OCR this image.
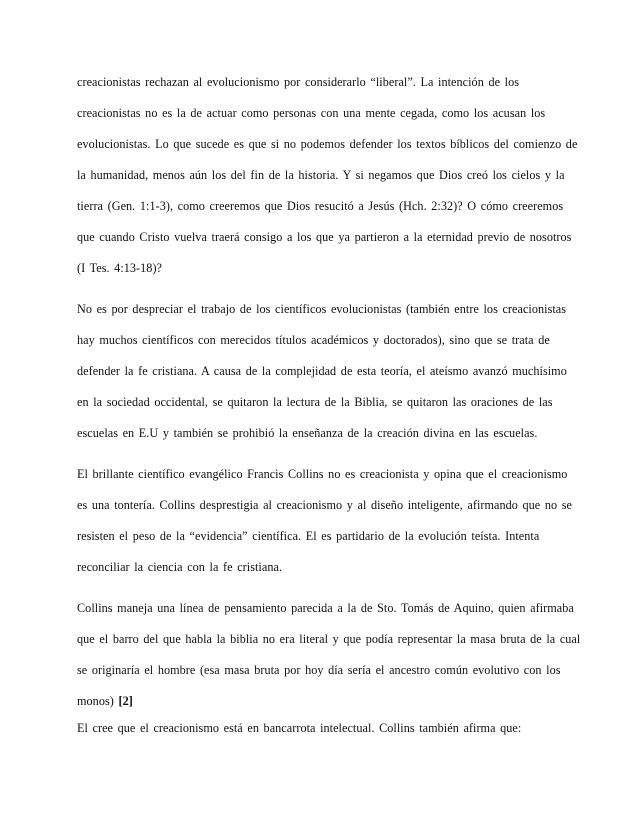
creacionistas rechazan al evolucionismo por considerarlo “liberal”. La intención de los
creacionistas no es la de actuar como personas con una mente cegada, como los acusan los
evolucionistas. Lo que sucede es que si no podemos defender los textos bíblicos del comienzo de
la humanidad, menos aún los del fin de la historia. Y si negamos que Dios creó los cielos y la
tierra (Gen. 1:1-3), como creeremos que Dios resucitó a Jesús (Hch. 2:32)? O cómo creeremos
que cuando Cristo vuelva traerá consigo a los que ya partieron a la eternidad previo de nosotros
(I Tes. 4:13-18)?
No es por despreciar el trabajo de los científicos evolucionistas (también entre los creacionistas
hay muchos científicos con merecidos títulos académicos y doctorados), sino que se trata de
defender la fe cristiana. A causa de la complejidad de esta teoría, el ateísmo avanzó muchísimo
en la sociedad occidental, se quitaron la lectura de la Biblia, se quitaron las oraciones de las
escuelas en E.U y también se prohibió la enseñanza de la creación divina en las escuelas.
El brillante científico evangélico Francis Collins no es creacionista y opina que el creacionismo
es una tontería. Collins desprestigia al creacionismo y al diseño inteligente, afirmando que no se
resisten el peso de la “evidencia” científica. El es partidario de la evolución teísta. Intenta
reconciliar la ciencia con la fe cristiana.
Collins maneja una línea de pensamiento parecida a la de Sto. Tomás de Aquino, quien afirmaba
que el barro del que habla la biblia no era literal y que podía representar la masa bruta de la cual
se originaría el hombre (esa masa bruta por hoy día sería el ancestro común evolutivo con los
monos) [2]
El cree que el creacionismo está en bancarrota intelectual. Collins también afirma que:
